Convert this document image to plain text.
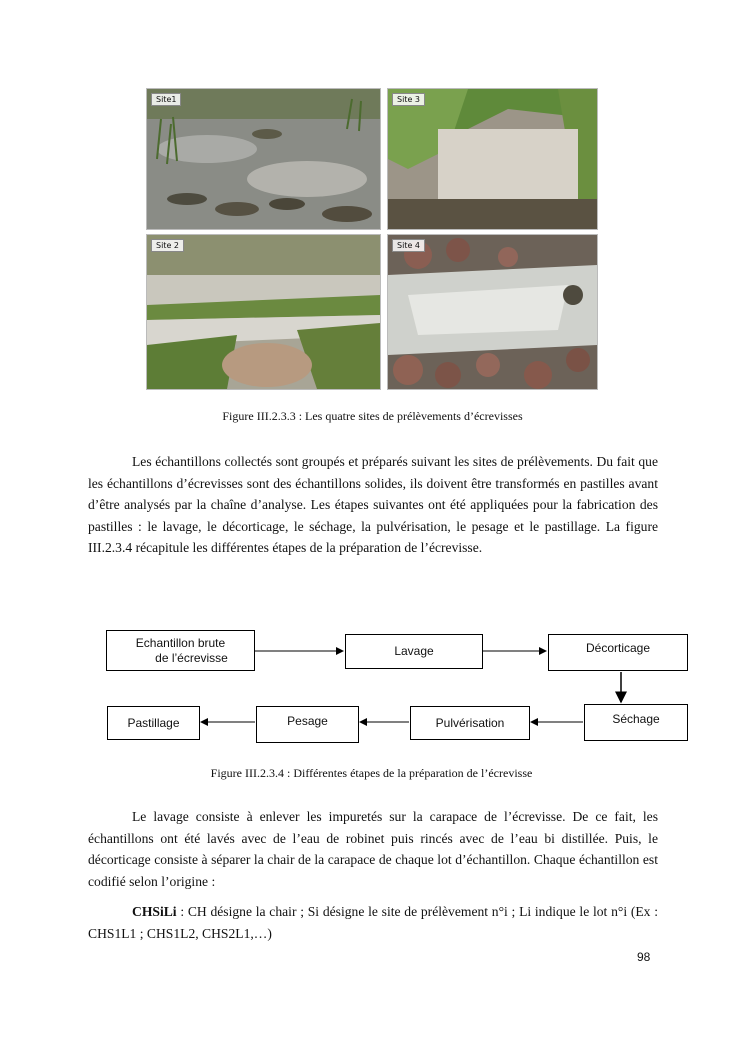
Site1	Site 3
Site 2	Site 4
Figure III.2.3.3 : Les quatre sites de prélèvements d’écrevisses

Les échantillons collectés sont groupés et préparés suivant les sites de prélèvements. Du fait que les échantillons d’écrevisses sont des échantillons solides, ils doivent être transformés en pastilles avant d’être analysés par la chaîne d’analyse. Les étapes suivantes ont été appliquées pour la fabrication des pastilles : le lavage, le décorticage, le séchage, la pulvérisation, le pesage et le pastillage. La figure III.2.3.4 récapitule les différentes étapes de la préparation de l’écrevisse.

Echantillon brute
de l’écrevisse	Lavage	Décorticage
Séchage
Pulvérisation
Pesage
Pastillage
Figure III.2.3.4 : Différentes étapes de la préparation de l’écrevisse

Le lavage consiste à enlever les impuretés sur la carapace de l’écrevisse. De ce fait, les échantillons ont été lavés avec de l’eau de robinet puis rincés avec de l’eau bi distillée. Puis, le décorticage consiste à séparer la chair de la carapace de chaque lot d’échantillon. Chaque échantillon est codifié selon l’origine :

CHSiLi : CH désigne la chair ; Si désigne le site de prélèvement n°i ; Li indique le lot n°i (Ex : CHS1L1 ; CHS1L2, CHS2L1,…)

98
